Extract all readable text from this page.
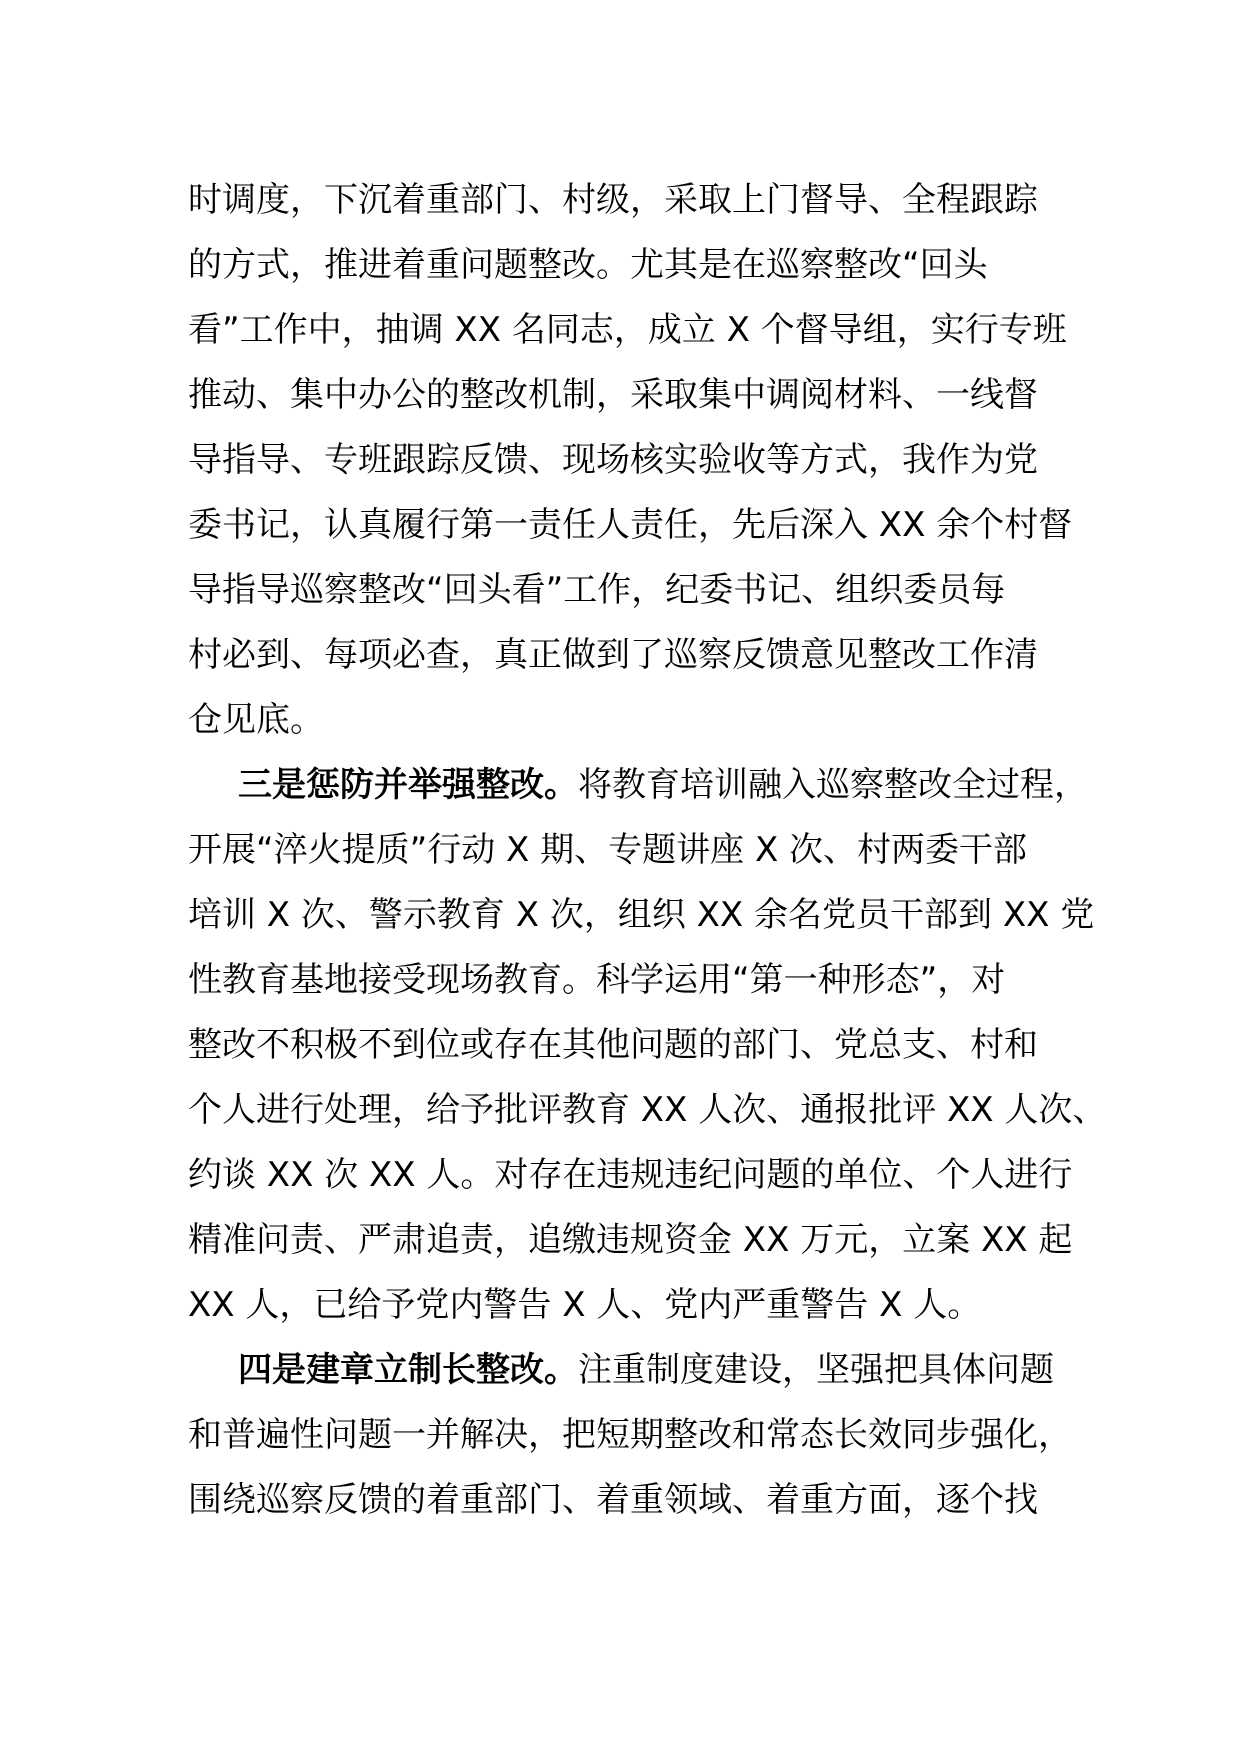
时调度，下沉着重部门、村级，采取上门督导、全程跟踪
的方式，推进着重问题整改。尤其是在巡察整改“回头
看”工作中，抽调 XX 名同志，成立 X 个督导组，实行专班
推动、集中办公的整改机制，采取集中调阅材料、一线督
导指导、专班跟踪反馈、现场核实验收等方式，我作为党
委书记，认真履行第一责任人责任，先后深入 XX 余个村督
导指导巡察整改“回头看”工作，纪委书记、组织委员每
村必到、每项必查，真正做到了巡察反馈意见整改工作清
仓见底。
三是惩防并举强整改。将教育培训融入巡察整改全过程，
开展“淬火提质”行动 X 期、专题讲座 X 次、村两委干部
培训 X 次、警示教育 X 次，组织 XX 余名党员干部到 XX 党
性教育基地接受现场教育。科学运用“第一种形态”，对
整改不积极不到位或存在其他问题的部门、党总支、村和
个人进行处理，给予批评教育 XX 人次、通报批评 XX 人次、
约谈 XX 次 XX 人。对存在违规违纪问题的单位、个人进行
精准问责、严肃追责，追缴违规资金 XX 万元，立案 XX 起
XX 人，已给予党内警告 X 人、党内严重警告 X 人。
四是建章立制长整改。注重制度建设，坚强把具体问题
和普遍性问题一并解决，把短期整改和常态长效同步强化，
围绕巡察反馈的着重部门、着重领域、着重方面，逐个找
